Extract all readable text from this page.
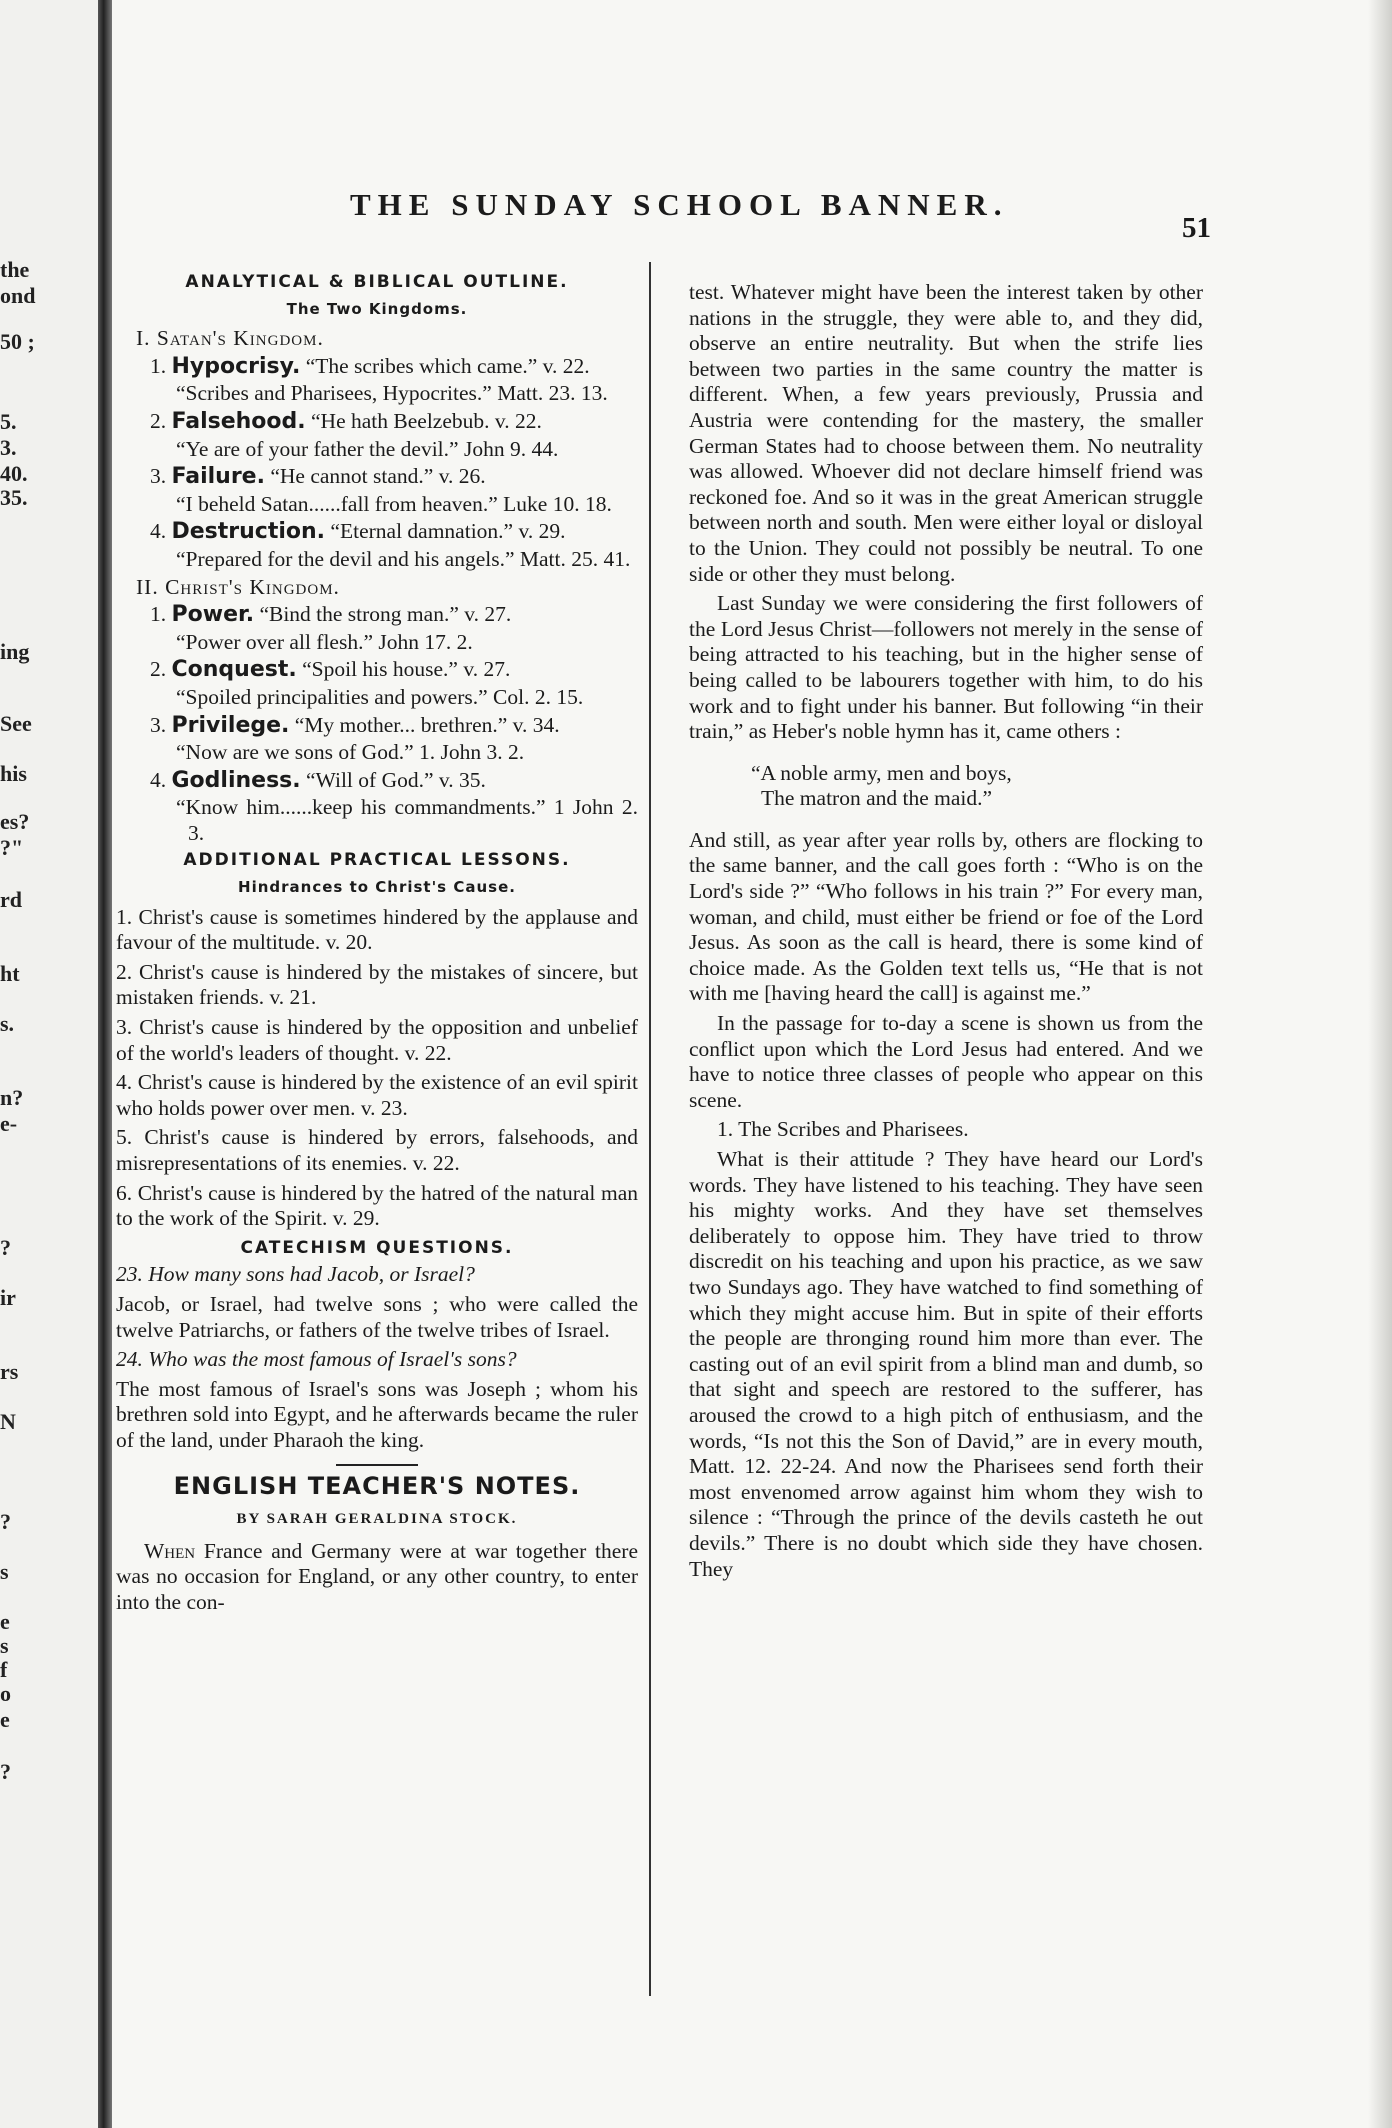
the
ond
50 ;
5.
3.
40.
35.
ing
See
his
es?
?"
rd
ht
s.
n?
e-
?
ir
rs
N
?
s
e
s
f
o
e
?
THE SUNDAY SCHOOL BANNER.
51
ANALYTICAL & BIBLICAL OUTLINE.
The Two Kingdoms.
I. Satan's Kingdom.
1. Hypocrisy. “The scribes which came.” v. 22.
“Scribes and Pharisees, Hypocrites.” Matt. 23. 13.
2. Falsehood. “He hath Beelzebub. v. 22.
“Ye are of your father the devil.” John 9. 44.
3. Failure. “He cannot stand.” v. 26.
“I beheld Satan......fall from heaven.” Luke 10. 18.
4. Destruction. “Eternal damnation.” v. 29.
“Prepared for the devil and his angels.” Matt. 25. 41.
II. Christ's Kingdom.
1. Power. “Bind the strong man.” v. 27.
“Power over all flesh.” John 17. 2.
2. Conquest. “Spoil his house.” v. 27.
“Spoiled principalities and powers.” Col. 2. 15.
3. Privilege. “My mother... brethren.” v. 34.
“Now are we sons of God.” 1. John 3. 2.
4. Godliness. “Will of God.” v. 35.
“Know him......keep his commandments.” 1 John 2. 3.
ADDITIONAL PRACTICAL LESSONS.
Hindrances to Christ's Cause.

1. Christ's cause is sometimes hindered by the applause and favour of the multitude. v. 20.

2. Christ's cause is hindered by the mistakes of sincere, but mistaken friends. v. 21.

3. Christ's cause is hindered by the opposition and unbelief of the world's leaders of thought. v. 22.

4. Christ's cause is hindered by the existence of an evil spirit who holds power over men. v. 23.

5. Christ's cause is hindered by errors, falsehoods, and misrepresentations of its enemies. v. 22.

6. Christ's cause is hindered by the hatred of the natural man to the work of the Spirit. v. 29.

CATECHISM QUESTIONS.

23. How many sons had Jacob, or Israel?

Jacob, or Israel, had twelve sons ; who were called the twelve Patriarchs, or fathers of the twelve tribes of Israel.

24. Who was the most famous of Israel's sons?

The most famous of Israel's sons was Joseph ; whom his brethren sold into Egypt, and he afterwards became the ruler of the land, under Pharaoh the king.

ENGLISH TEACHER'S NOTES.
BY SARAH GERALDINA STOCK.

When France and Germany were at war together there was no occasion for England, or any other country, to enter into the con-

test. Whatever might have been the interest taken by other nations in the struggle, they were able to, and they did, observe an entire neutrality. But when the strife lies between two parties in the same country the matter is different. When, a few years previously, Prussia and Austria were contending for the mastery, the smaller German States had to choose between them. No neutrality was allowed. Whoever did not declare himself friend was reckoned foe. And so it was in the great American struggle between north and south. Men were either loyal or disloyal to the Union. They could not possibly be neutral. To one side or other they must belong.

Last Sunday we were considering the first followers of the Lord Jesus Christ—followers not merely in the sense of being attracted to his teaching, but in the higher sense of being called to be labourers together with him, to do his work and to fight under his banner. But following “in their train,” as Heber's noble hymn has it, came others :

“A noble army, men and boys,
The matron and the maid.”

And still, as year after year rolls by, others are flocking to the same banner, and the call goes forth : “Who is on the Lord's side ?” “Who follows in his train ?” For every man, woman, and child, must either be friend or foe of the Lord Jesus. As soon as the call is heard, there is some kind of choice made. As the Golden text tells us, “He that is not with me [having heard the call] is against me.”

In the passage for to-day a scene is shown us from the conflict upon which the Lord Jesus had entered. And we have to notice three classes of people who appear on this scene.

1. The Scribes and Pharisees.

What is their attitude ? They have heard our Lord's words. They have listened to his teaching. They have seen his mighty works. And they have set themselves deliberately to oppose him. They have tried to throw discredit on his teaching and upon his practice, as we saw two Sundays ago. They have watched to find something of which they might accuse him. But in spite of their efforts the people are thronging round him more than ever. The casting out of an evil spirit from a blind man and dumb, so that sight and speech are restored to the sufferer, has aroused the crowd to a high pitch of enthusiasm, and the words, “Is not this the Son of David,” are in every mouth, Matt. 12. 22-24. And now the Pharisees send forth their most envenomed arrow against him whom they wish to silence : “Through the prince of the devils casteth he out devils.” There is no doubt which side they have chosen. They
